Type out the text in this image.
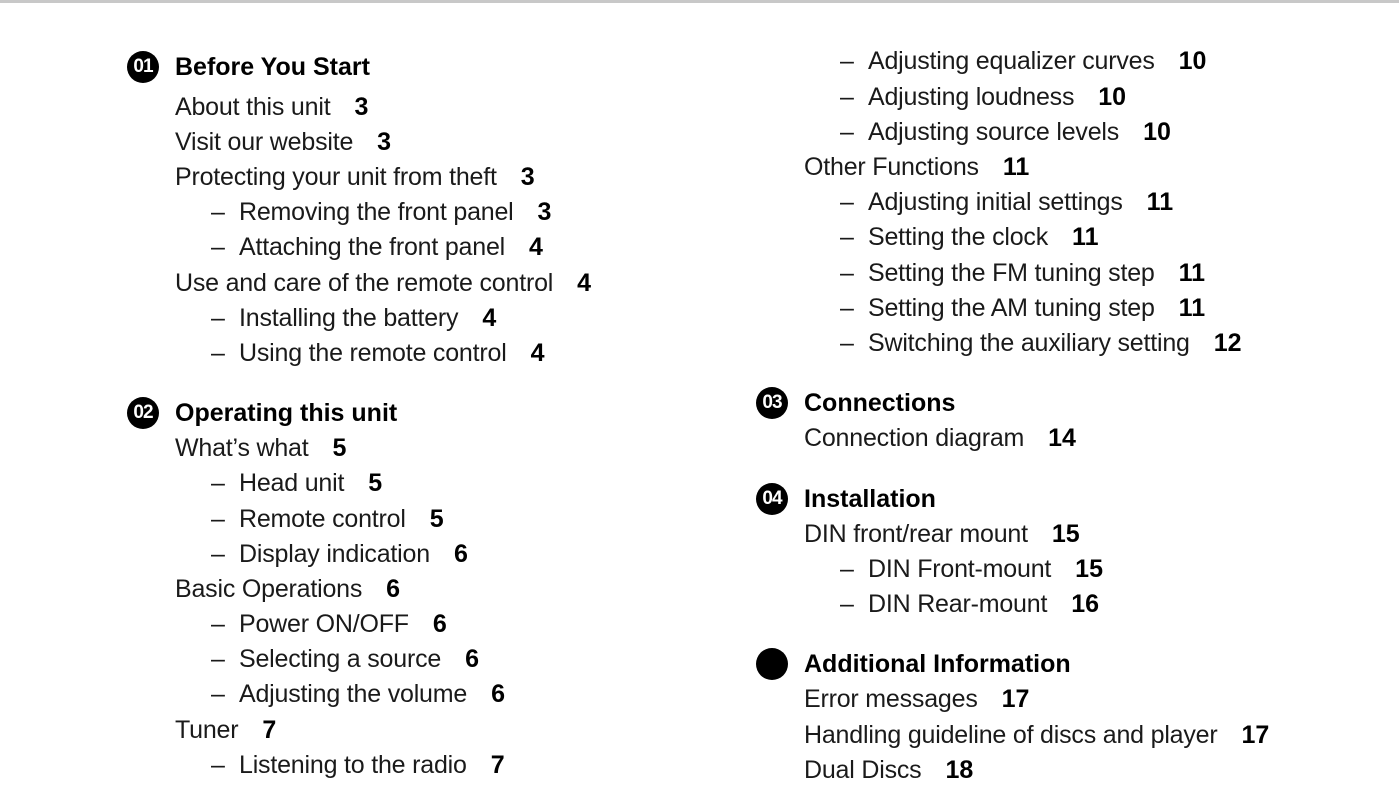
01 Before You Start
About this unit 3
Visit our website 3
Protecting your unit from theft 3
– Removing the front panel 3
– Attaching the front panel 4
Use and care of the remote control 4
– Installing the battery 4
– Using the remote control 4
02 Operating this unit
What’s what 5
– Head unit 5
– Remote control 5
– Display indication 6
Basic Operations 6
– Power ON/OFF 6
– Selecting a source 6
– Adjusting the volume 6
Tuner 7
– Listening to the radio 7
– Adjusting equalizer curves 10
– Adjusting loudness 10
– Adjusting source levels 10
Other Functions 11
– Adjusting initial settings 11
– Setting the clock 11
– Setting the FM tuning step 11
– Setting the AM tuning step 11
– Switching the auxiliary setting 12
03 Connections
Connection diagram 14
04 Installation
DIN front/rear mount 15
– DIN Front-mount 15
– DIN Rear-mount 16
Additional Information
Error messages 17
Handling guideline of discs and player 17
Dual Discs 18
